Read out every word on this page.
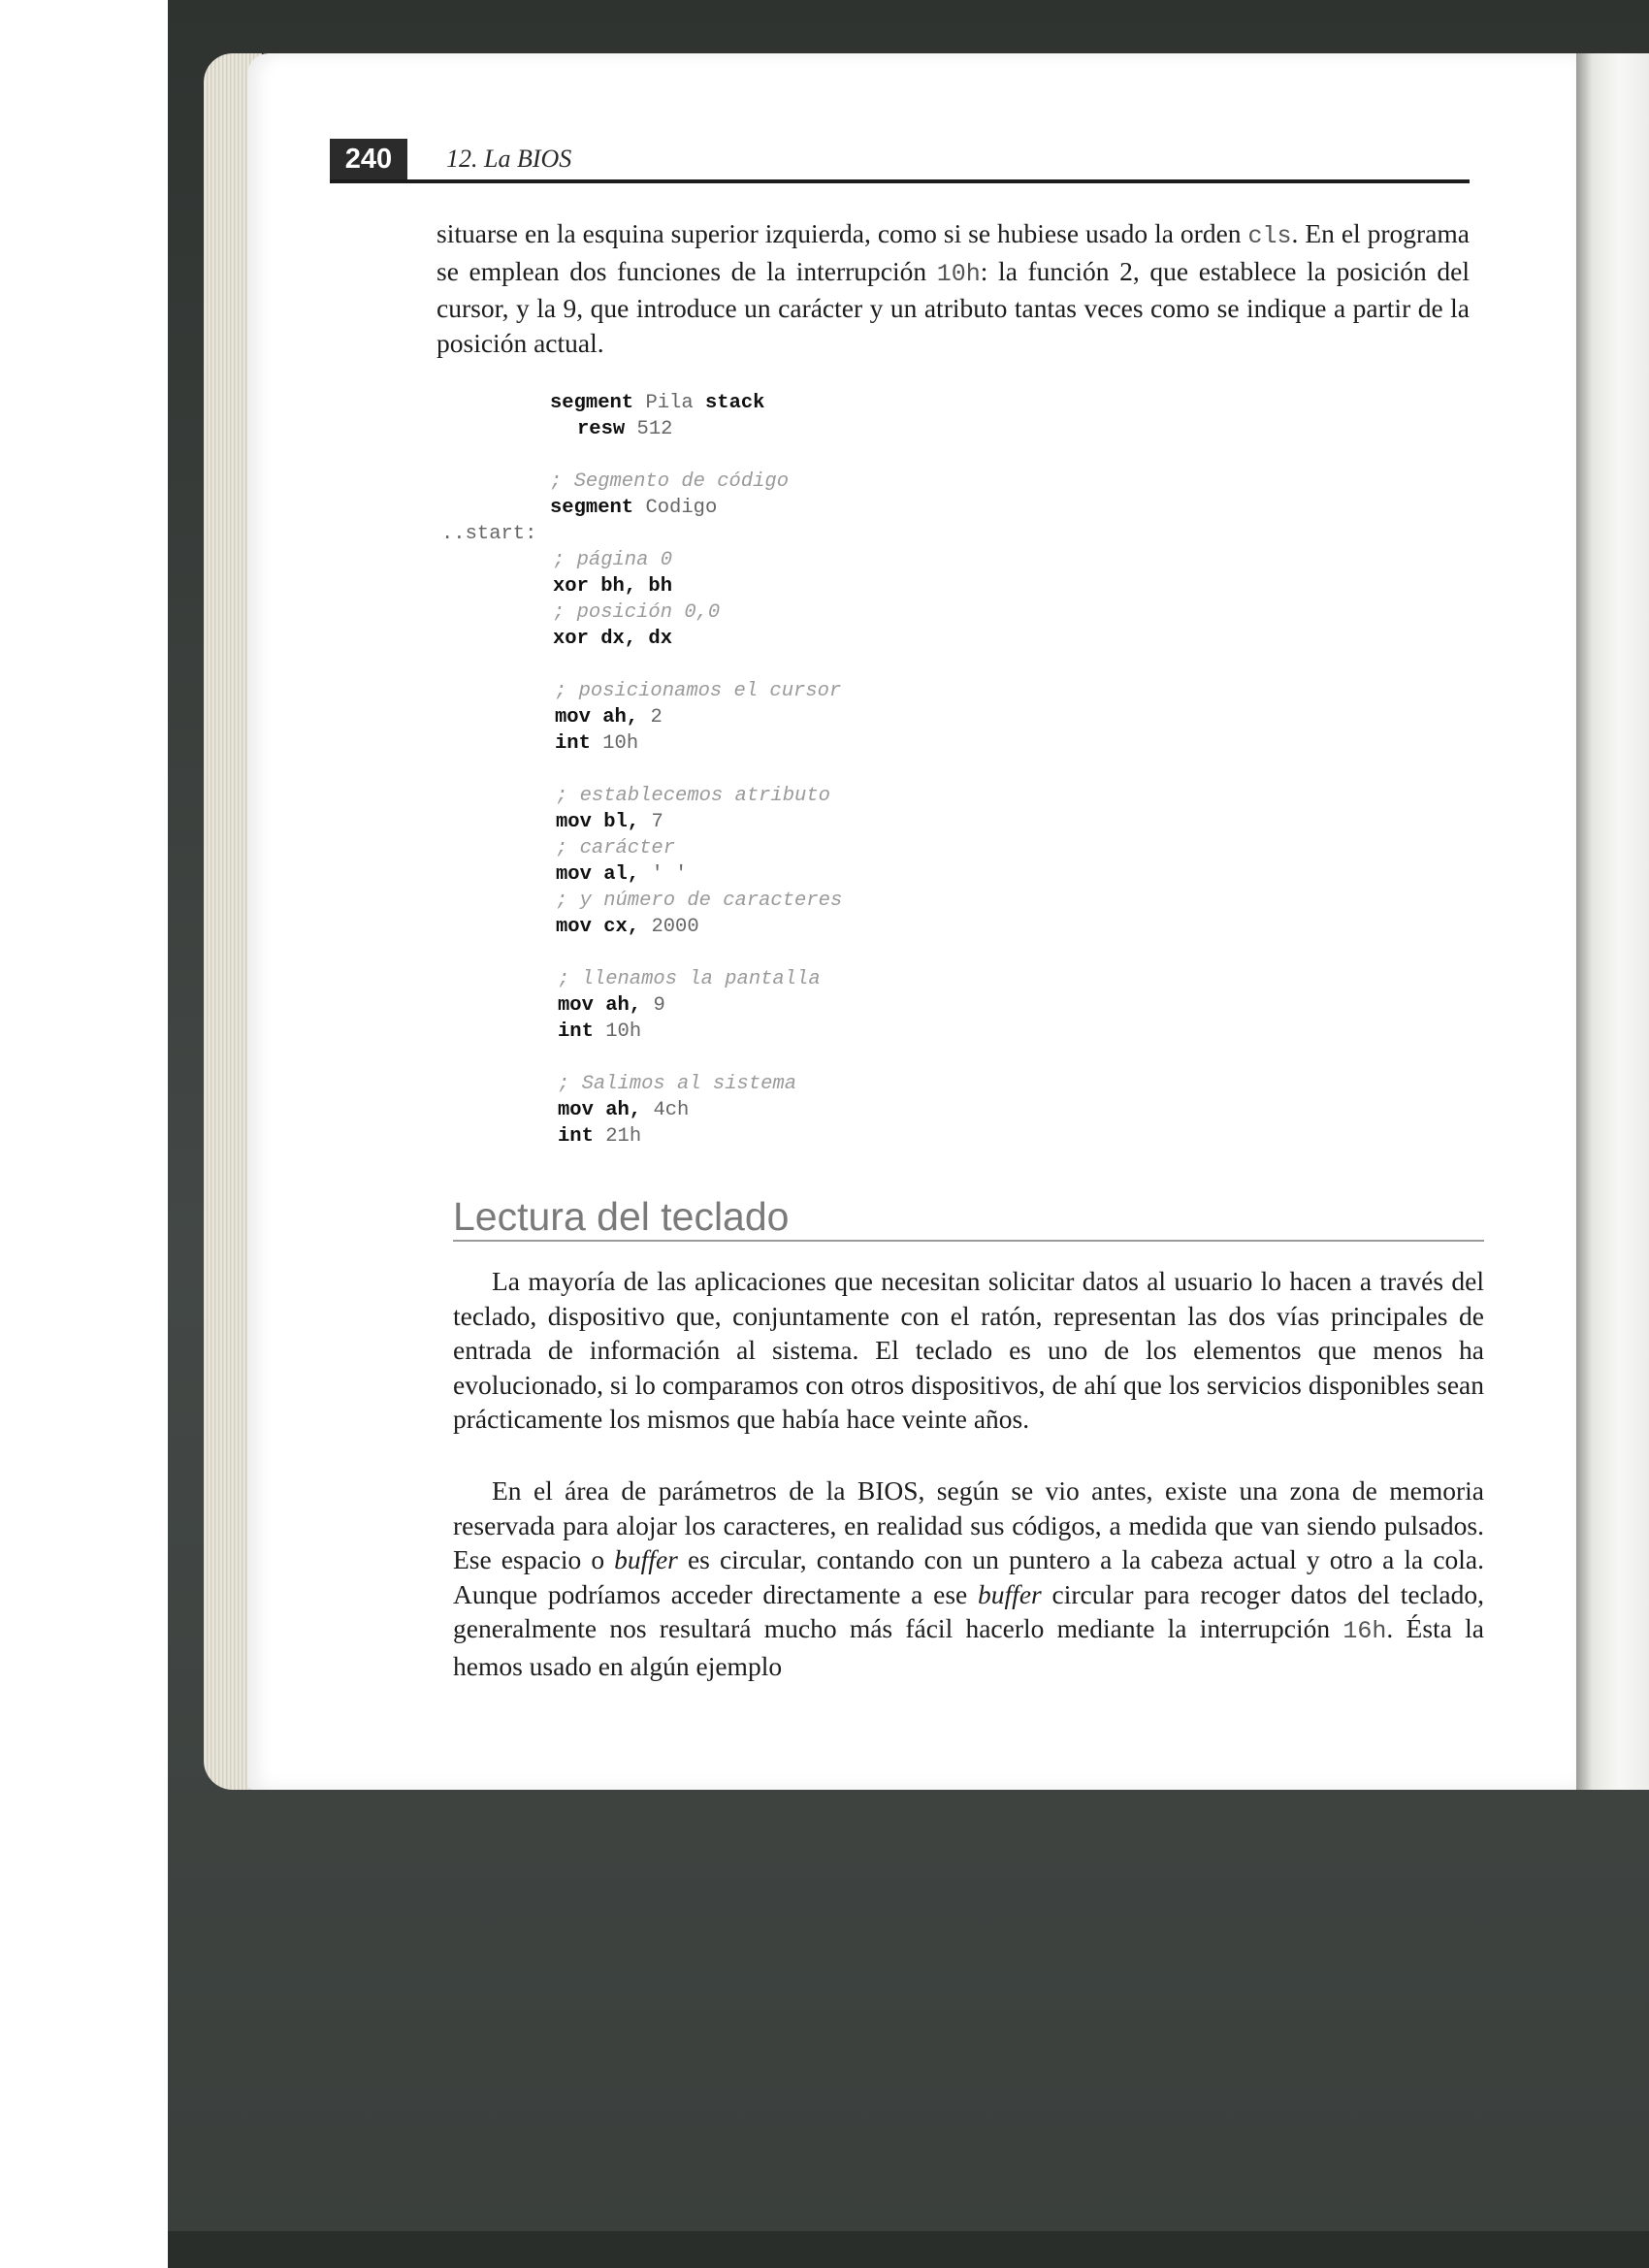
240	12. La BIOS

situarse en la esquina superior izquierda, como si se hubiese usado la orden cls. En el programa se emplean dos funciones de la interrupción 10h: la función 2, que establece la posición del cursor, y la 9, que introduce un carácter y un atributo tantas veces como se indique a partir de la posición actual.

segment Pila stack
resw 512
; Segmento de código
segment Codigo
..start:
; página 0
xor bh, bh
; posición 0,0
xor dx, dx
; posicionamos el cursor
mov ah, 2
int 10h
; establecemos atributo
mov bl, 7
; carácter
mov al, ' '
; y número de caracteres
mov cx, 2000
; llenamos la pantalla
mov ah, 9
int 10h
; Salimos al sistema
mov ah, 4ch
int 21h
Lectura del teclado

La mayoría de las aplicaciones que necesitan solicitar datos al usuario lo hacen a través del teclado, dispositivo que, conjuntamente con el ratón, representan las dos vías principales de entrada de información al sistema. El teclado es uno de los elementos que menos ha evolucionado, si lo comparamos con otros dispositivos, de ahí que los servicios disponibles sean prácticamente los mismos que había hace veinte años.

En el área de parámetros de la BIOS, según se vio antes, existe una zona de memoria reservada para alojar los caracteres, en realidad sus códigos, a medida que van siendo pulsados. Ese espacio o buffer es circular, contando con un puntero a la cabeza actual y otro a la cola. Aunque podríamos acceder directamente a ese buffer circular para recoger datos del teclado, generalmente nos resultará mucho más fácil hacerlo mediante la interrupción 16h. Ésta la hemos usado en algún ejemplo
